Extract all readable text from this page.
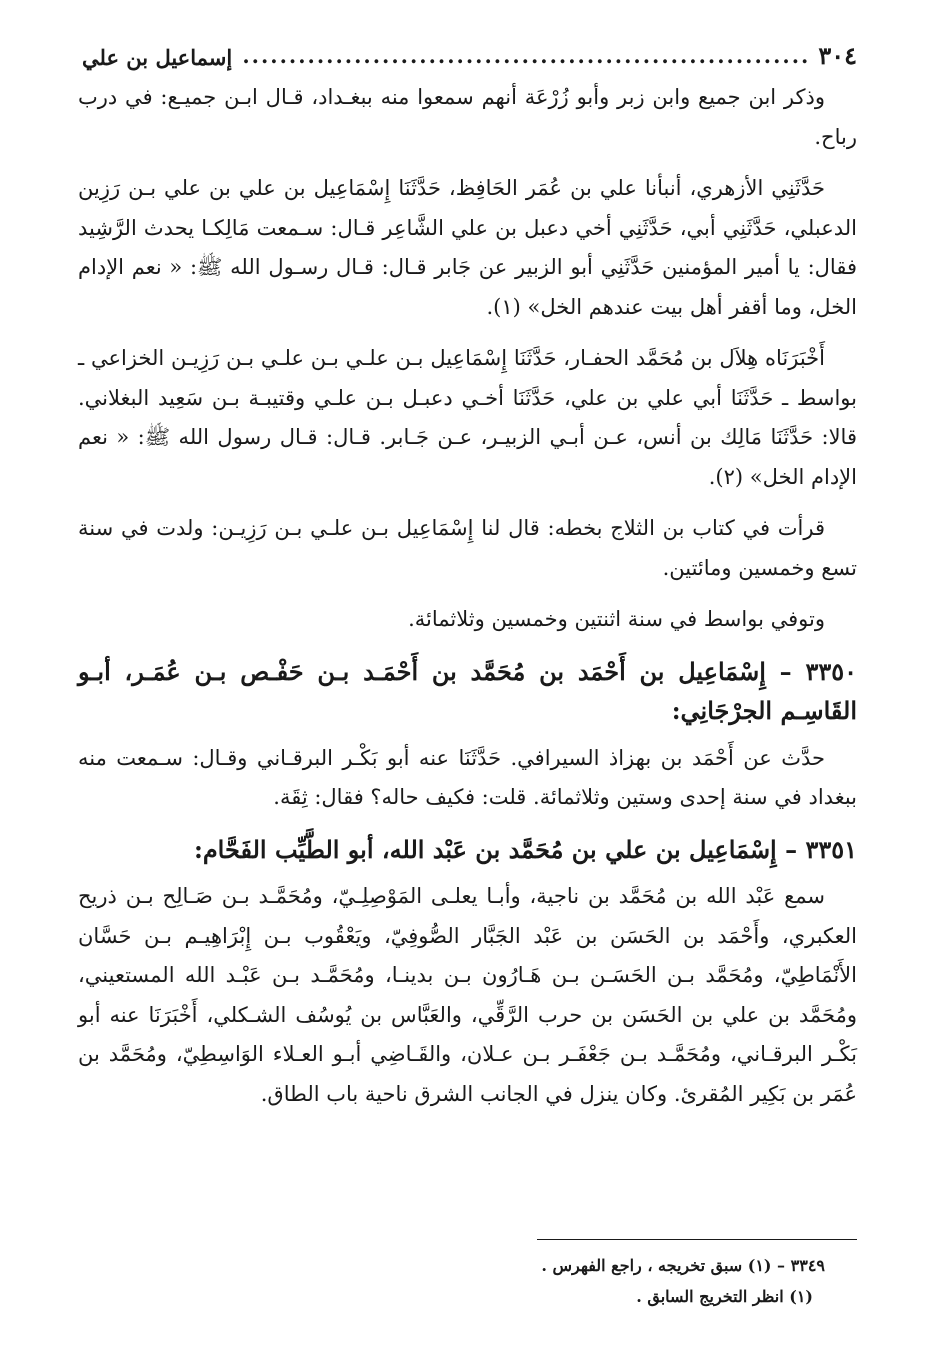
٣٠٤
.....
إسماعيل بن علي

وذكر ابن جميع وابن زبر وأبو زُرْعَة أنهم سمعوا منه ببغـداد، قـال ابـن جميـع: في درب رباح.

حَدَّثَنِي الأزهري، أنبأنا علي بن عُمَر الحَافِظ، حَدَّثَنَا إِسْمَاعِيل بن علي بن علي بـن رَزِين الدعبلي، حَدَّثَنِي أبي، حَدَّثَنِي أخي دعبل بن علي الشَّاعِر قـال: سـمعت مَالِكـا يحدث الرَّشِيد فقال: يا أمير المؤمنين حَدَّثَنِي أبو الزبير عن جَابر قـال: قـال رسـول الله ﷺ: « نعم الإدام الخل، وما أقفر أهل بيت عندهم الخل» (١).

أَخْبَرَنَاه هِلاَل بن مُحَمَّد الحفـار، حَدَّثَنَا إِسْمَاعِيل بـن علـي بـن علـي بـن رَزِيـن الخزاعي ـ بواسط ـ حَدَّثَنَا أبي علي بن علي، حَدَّثَنَا أخـي دعبـل بـن علـي وقتيبـة بـن سَعِيد البغلاني. قالا: حَدَّثَنَا مَالِك بن أنس، عـن أبـي الزبيـر، عـن جَـابر. قـال: قـال رسول الله ﷺ: « نعم الإدام الخل» (٢).

قرأت في كتاب بن الثلاج بخطه: قال لنا إِسْمَاعِيل بـن علـي بـن رَزِيـن: ولدت في سنة تسع وخمسين ومائتين.

وتوفي بواسط في سنة اثنتين وخمسين وثلاثمائة.

٣٣٥٠ – إِسْمَاعِيل بن أَحْمَد بن مُحَمَّد بن أَحْمَـد بـن حَفْـص بـن عُمَـر، أبـو القَاسِـم الجرْجَانِي:

حدَّث عن أَحْمَد بن بهزاذ السيرافي. حَدَّثَنَا عنه أبو بَكْـر البرقـاني وقـال: سـمعت منه ببغداد في سنة إحدى وستين وثلاثمائة. قلت: فكيف حاله؟ فقال: ثِقَة.

٣٣٥١ – إِسْمَاعِيل بن علي بن مُحَمَّد بن عَبْد الله، أبو الطَّيِّب الفَحَّام:

سمع عَبْد الله بن مُحَمَّد بن ناجية، وأبـا يعلـى المَوْصِلِـيّ، ومُحَمَّـد بـن صَـالِح بـن ذريح العكبري، وأَحْمَد بن الحَسَن بن عَبْد الجَبَّار الصُّوفِيّ، ويَعْقُوب بـن إِبْرَاهِيـم بـن حَسَّان الأَنْمَاطِيّ، ومُحَمَّد بـن الحَسَـن بـن هَـارُون بـن بدينـا، ومُحَمَّـد بـن عَبْـد الله المستعيني، ومُحَمَّد بن علي بن الحَسَن بن حرب الرَّقِّي، والعَبَّاس بن يُوسُف الشـكلي، أَخْبَرَنَا عنه أبو بَكْـر البرقـاني، ومُحَمَّـد بـن جَعْفَـر بـن عـلان، والقَـاضِي أبـو العـلاء الوَاسِطِيّ، ومُحَمَّد بن عُمَر بن بَكِير المُقرئ. وكان ينزل في الجانب الشرق ناحية باب الطاق.

٣٣٤٩ – (١) سبق تخريجه ، راجع الفهرس .
(١) انظر التخريج السابق .
